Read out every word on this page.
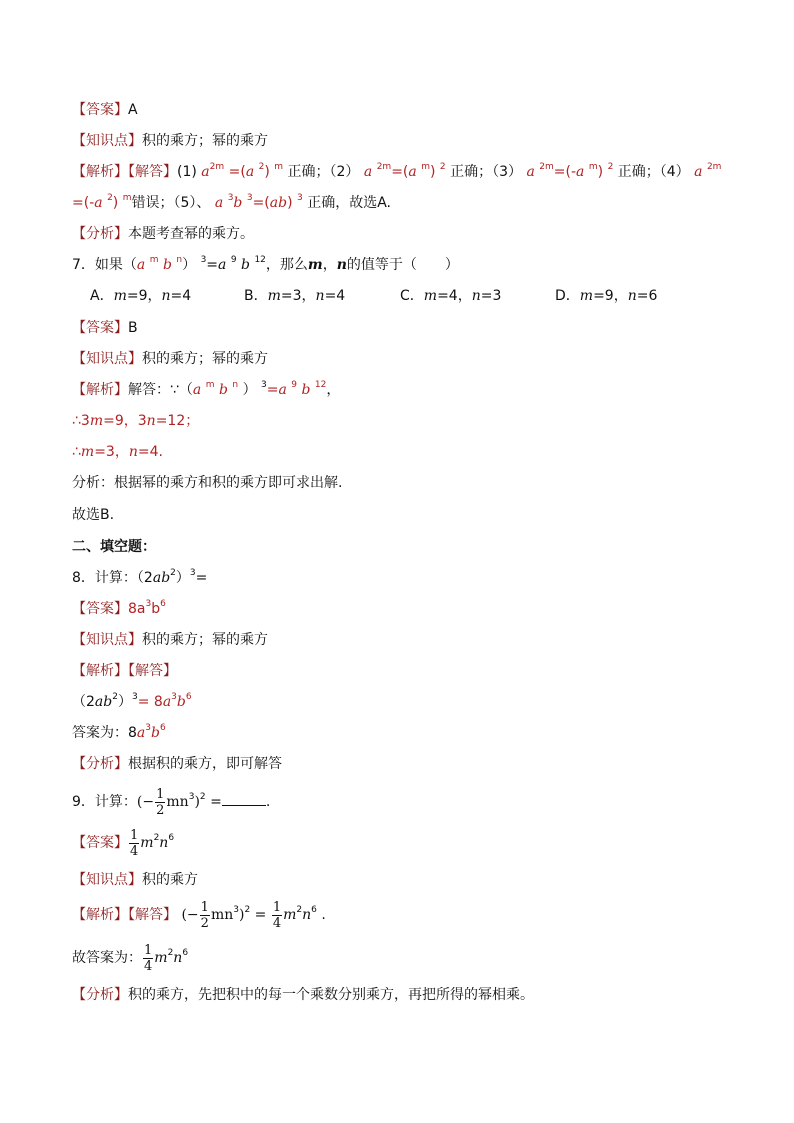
【答案】A
【知识点】积的乘方；幂的乘方
【解析】【解答】(1) $a^{2m} =(a$ $^2$) $^m$ 正确；（2） a $^{2m}$=(a $^m$) $^2$ 正确；（3） a $^{2m}$=(-a $^m$) $^2$ 正确；（4） a $^{2m}$
=(-a $^2$) $^m$错误；（5）、 a $^3$b $^3$=(ab) $^3$ 正确，故选A.
【分析】本题考查幂的乘方。
7．如果（a $^m$ b $^n$） $^3$=a $^9$ b $^{12}$，那么m，n的值等于（　　）
A．m=9，n=4	B．m=3，n=4	C．m=4，n=3	D．m=9，n=6
【答案】B
【知识点】积的乘方；幂的乘方
【解析】解答：∵（a $^m$ b $^n$ ） $^3$=a $^9$ b $^{12}$，
∴3m=9，3n=12；
∴m=3，n=4.
分析：根据幂的乘方和积的乘方即可求出解.
故选B.
二、填空题：
8．计算：$(2ab^2)^3=$
【答案】$8a^3b^6$
【知识点】积的乘方；幂的乘方
【解析】【解答】
$(2ab^2)^3= 8a^3b^6$
答案为：$8a^3b^6$
【分析】根据积的乘方，即可解答
9．计算：(− $\frac{1}{2} mn^3)^2$ =	.
【答案】 $\frac{1}{4} m^2n^6$
【知识点】积的乘方
【解析】【解答】 (− $\frac{1}{2} mn^3)^2 = \frac{1}{4} m^2n^6$ .
故答案为： $\frac{1}{4} m^2n^6$
【分析】积的乘方，先把积中的每一个乘数分别乘方，再把所得的幂相乘。
